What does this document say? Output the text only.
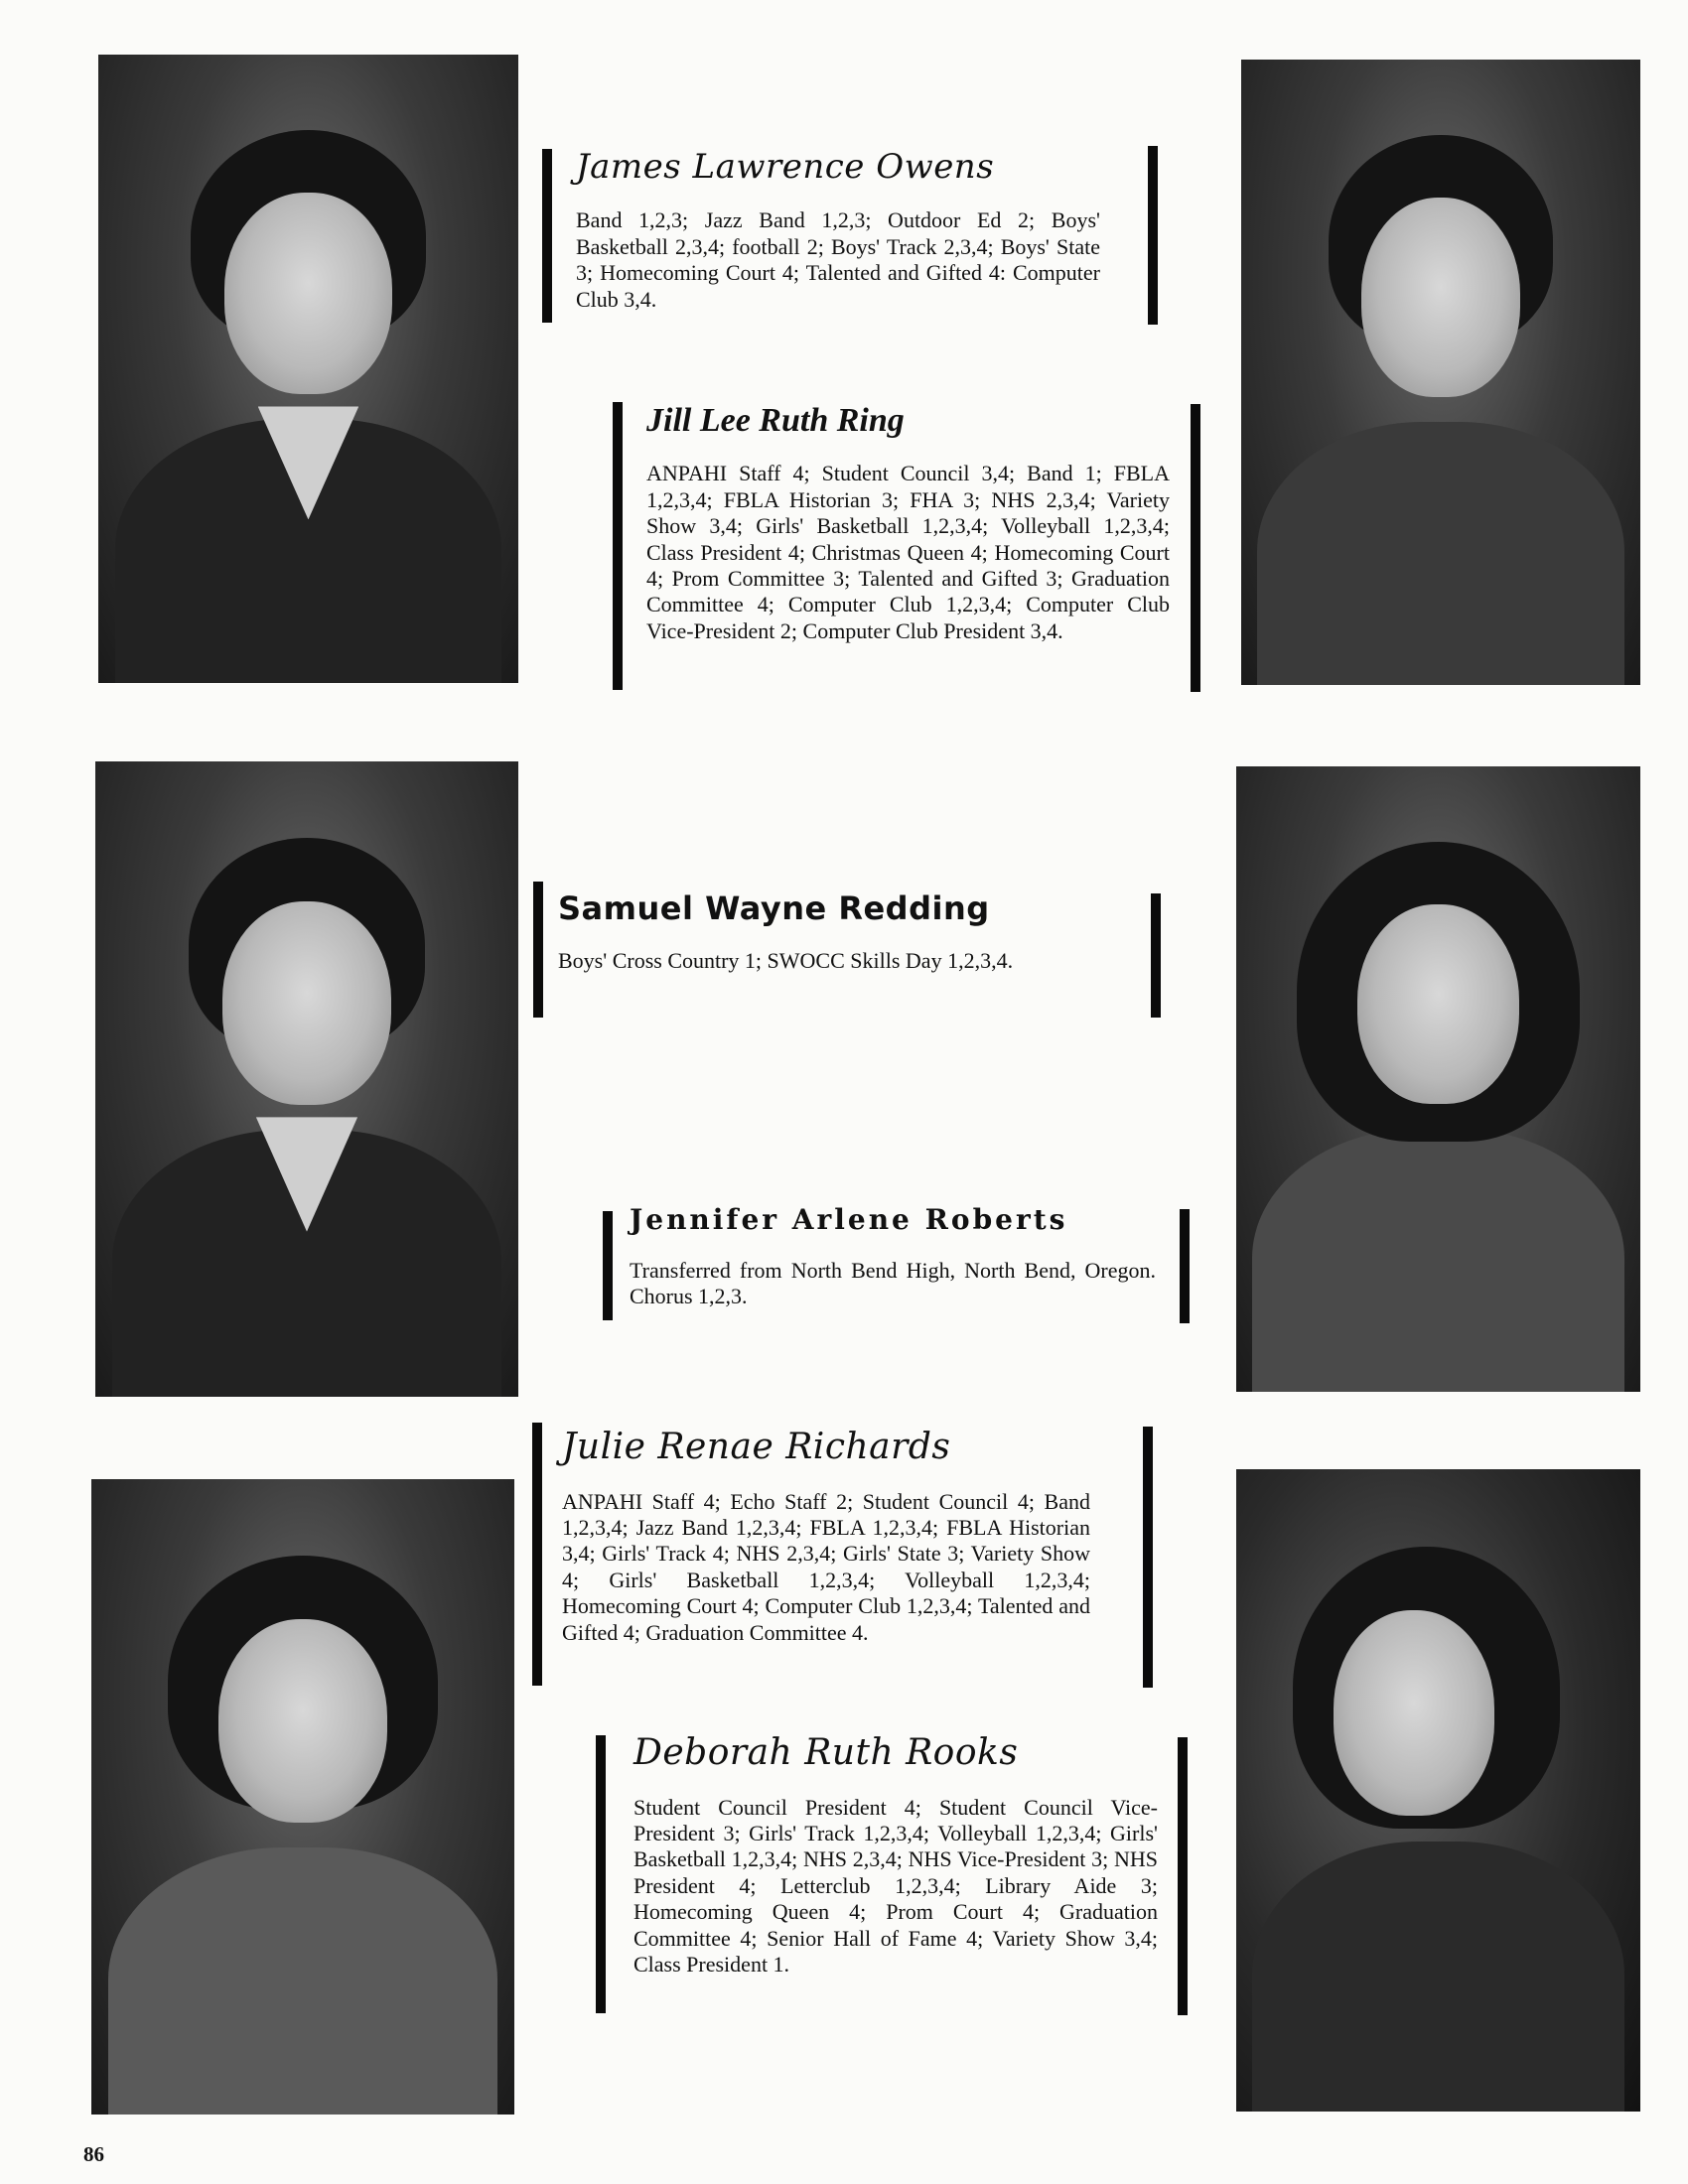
James Lawrence Owens

Band 1,2,3; Jazz Band 1,2,3; Outdoor Ed 2; Boys' Basketball 2,3,4; football 2; Boys' Track 2,3,4; Boys' State 3; Homecoming Court 4; Talented and Gifted 4: Computer Club 3,4.

Jill Lee Ruth Ring

ANPAHI Staff 4; Student Council 3,4; Band 1; FBLA 1,2,3,4; FBLA Historian 3; FHA 3; NHS 2,3,4; Variety Show 3,4; Girls' Basketball 1,2,3,4; Volleyball 1,2,3,4; Class President 4; Christmas Queen 4; Homecoming Court 4; Prom Committee 3; Talented and Gifted 3; Graduation Committee 4; Computer Club 1,2,3,4; Computer Club Vice-President 2; Computer Club President 3,4.

Samuel Wayne Redding

Boys' Cross Country 1; SWOCC Skills Day 1,2,3,4.

Jennifer Arlene Roberts

Transferred from North Bend High, North Bend, Oregon. Chorus 1,2,3.

Julie Renae Richards

ANPAHI Staff 4; Echo Staff 2; Student Council 4; Band 1,2,3,4; Jazz Band 1,2,3,4; FBLA 1,2,3,4; FBLA Historian 3,4; Girls' Track 4; NHS 2,3,4; Girls' State 3; Variety Show 4; Girls' Basketball 1,2,3,4; Volleyball 1,2,3,4; Homecoming Court 4; Computer Club 1,2,3,4; Talented and Gifted 4; Graduation Committee 4.

Deborah Ruth Rooks

Student Council President 4; Student Council Vice-President 3; Girls' Track 1,2,3,4; Volleyball 1,2,3,4; Girls' Basketball 1,2,3,4; NHS 2,3,4; NHS Vice-President 3; NHS President 4; Letterclub 1,2,3,4; Library Aide 3; Homecoming Queen 4; Prom Court 4; Graduation Committee 4; Senior Hall of Fame 4; Variety Show 3,4; Class President 1.

86
